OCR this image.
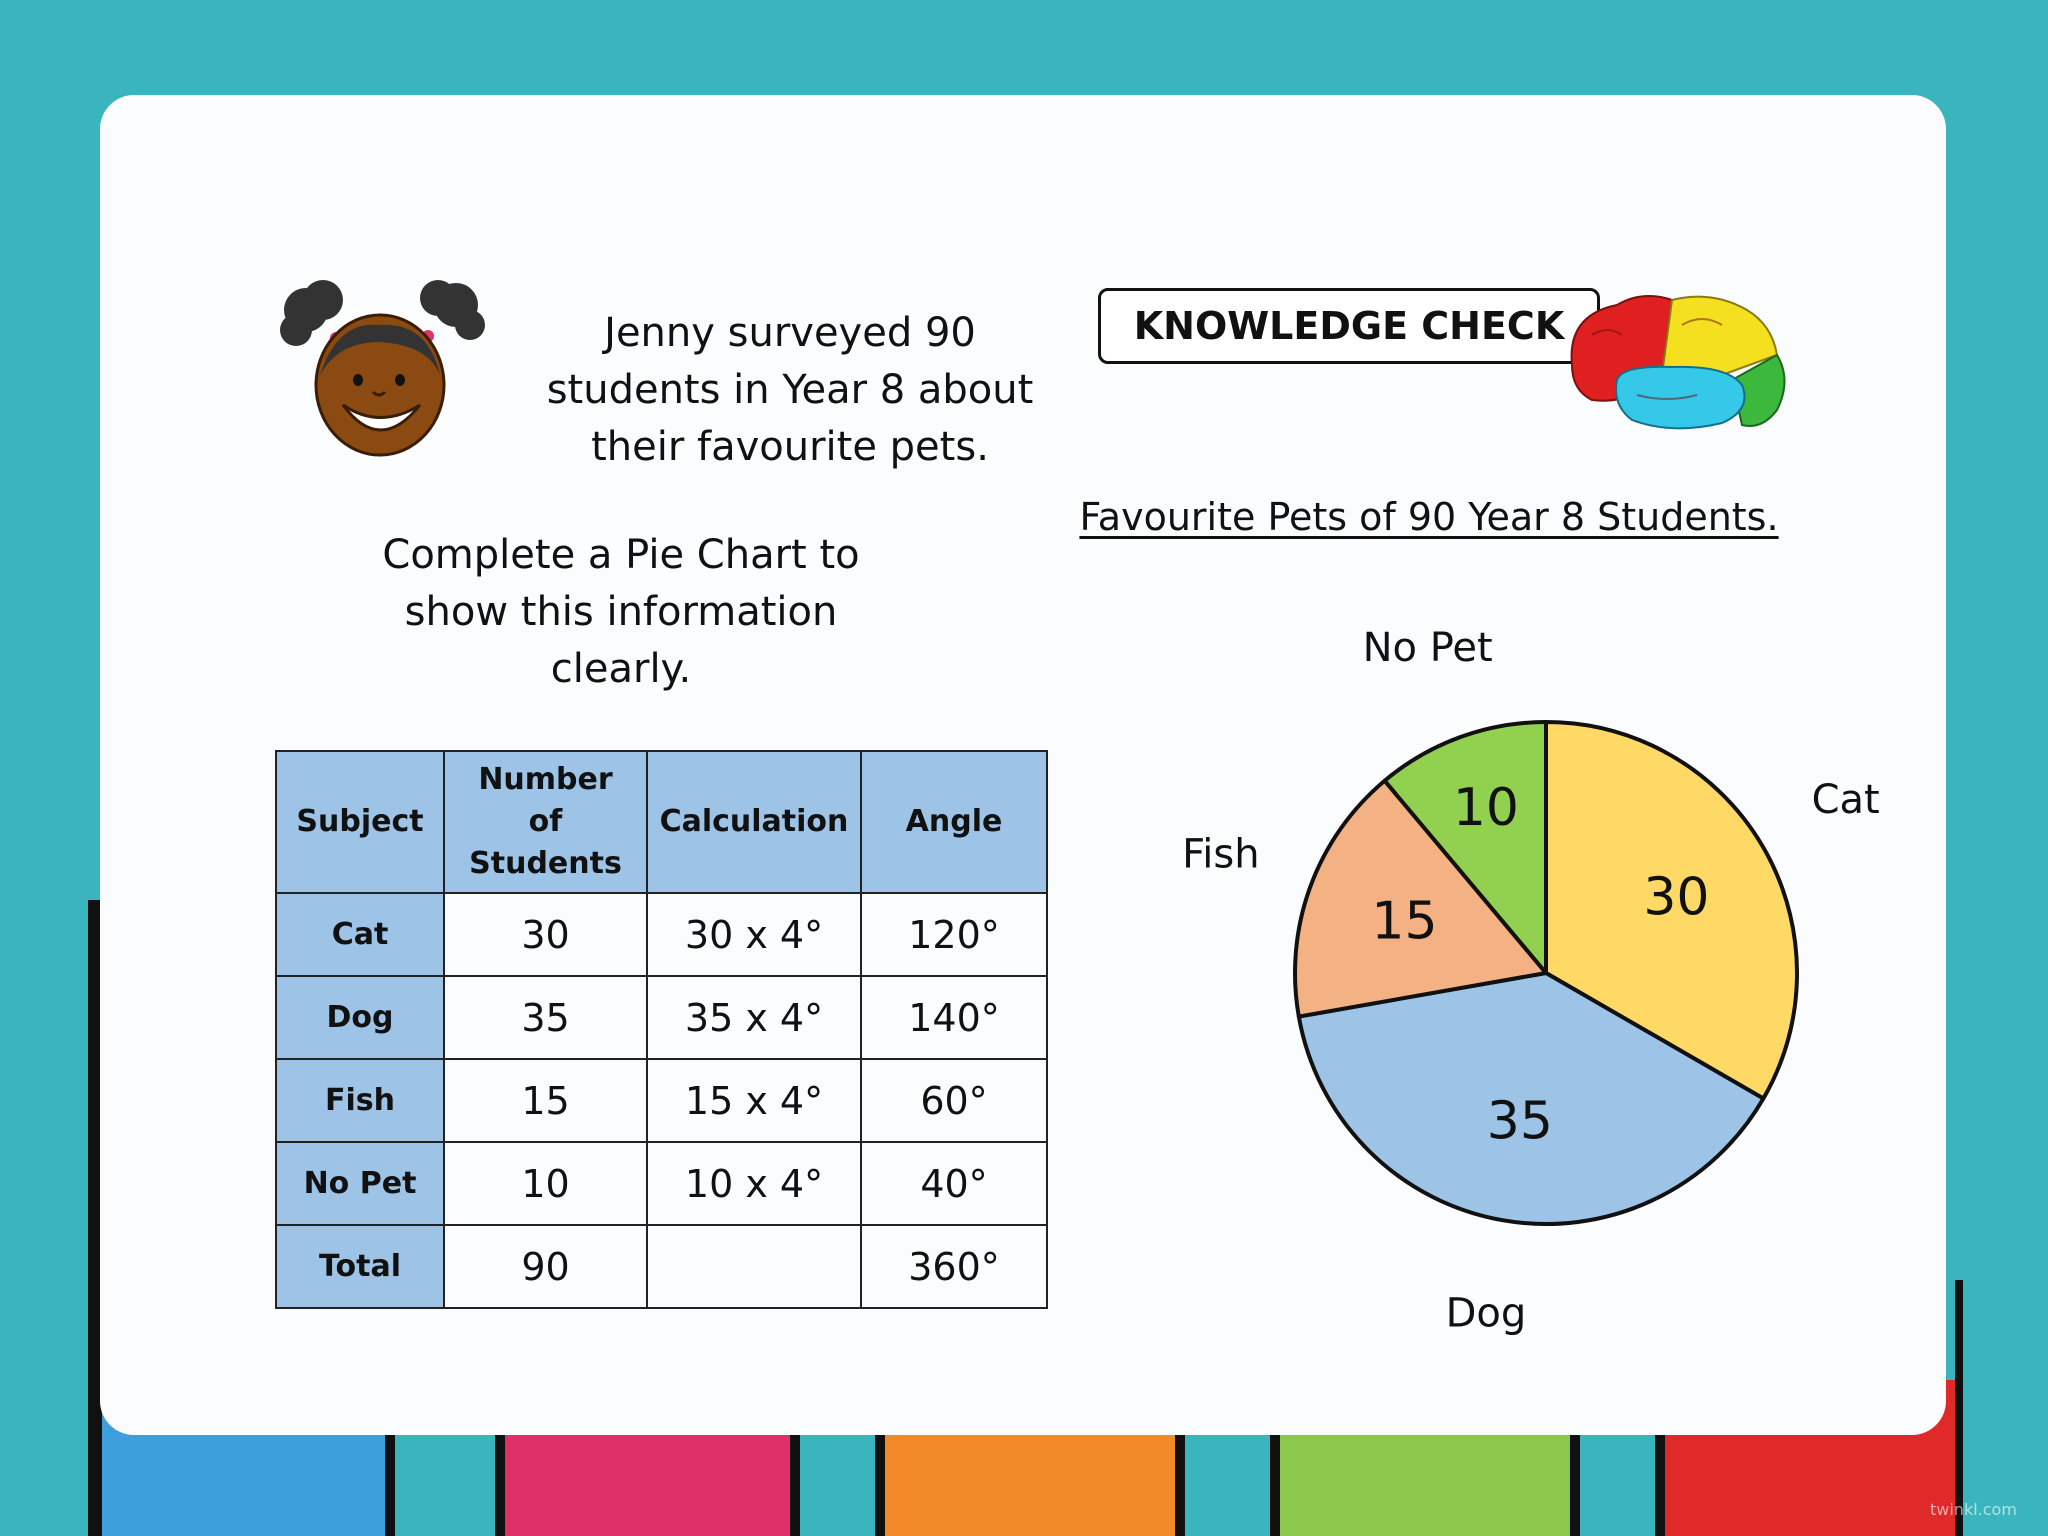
Jenny surveyed 90 students in Year 8 about their favourite pets.
Complete a Pie Chart to show this information clearly.
KNOWLEDGE CHECK
Favourite Pets of 90 Year 8 Students.
30
35
15
10	Cat
Dog
Fish
No Pet
Subject	Number of Students	Calculation	Angle
Cat	30	30 x 4°	120°
Dog	35	35 x 4°	140°
Fish	15	15 x 4°	60°
No Pet	10	10 x 4°	40°
Total	90		360°
twinkl.com
